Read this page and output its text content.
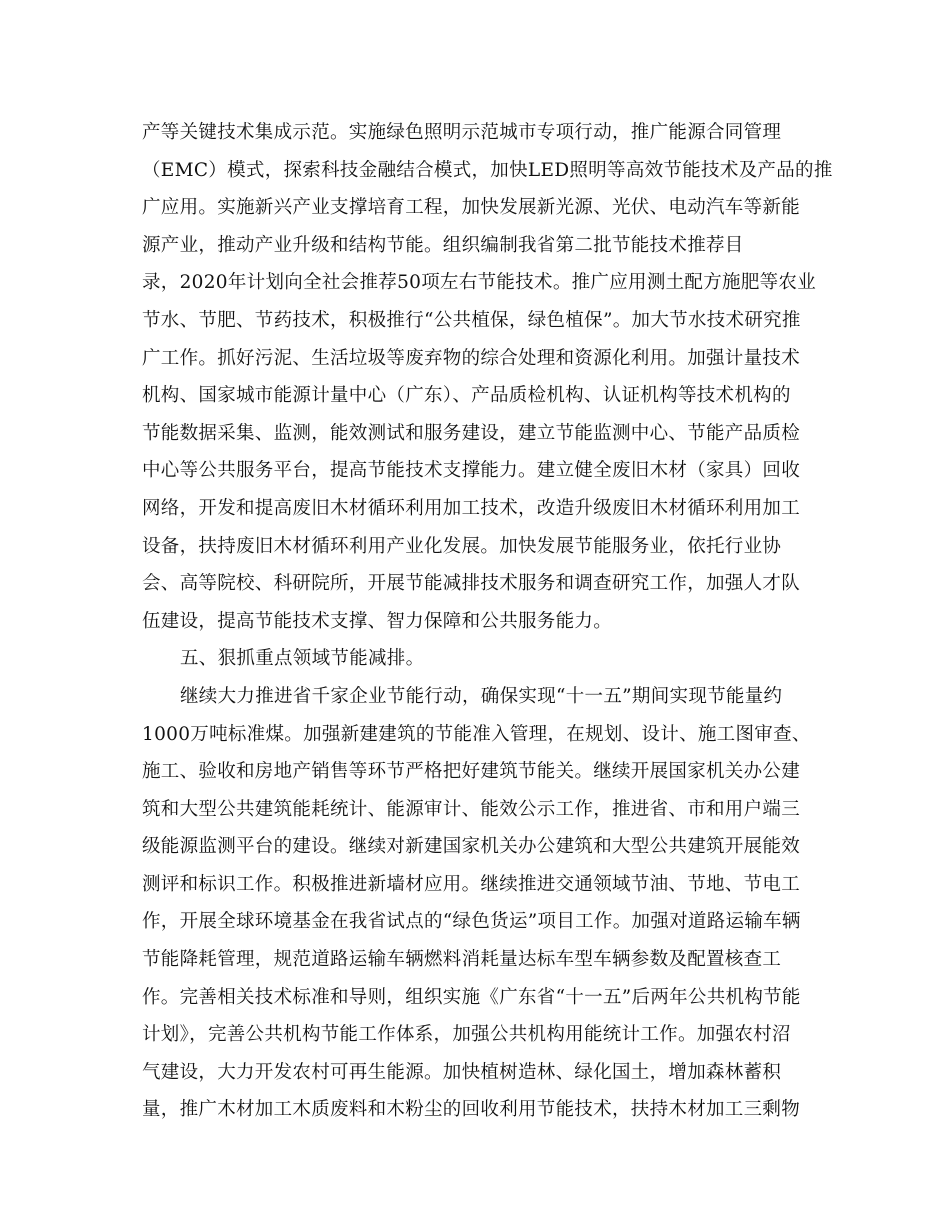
产等关键技术集成示范。实施绿色照明示范城市专项行动，推广能源合同管理
（EMC）模式，探索科技金融结合模式，加快LED照明等高效节能技术及产品的推
广应用。实施新兴产业支撑培育工程，加快发展新光源、光伏、电动汽车等新能
源产业，推动产业升级和结构节能。组织编制我省第二批节能技术推荐目
录，2020年计划向全社会推荐50项左右节能技术。推广应用测土配方施肥等农业
节水、节肥、节药技术，积极推行“公共植保，绿色植保”。加大节水技术研究推
广工作。抓好污泥、生活垃圾等废弃物的综合处理和资源化利用。加强计量技术
机构、国家城市能源计量中心（广东）、产品质检机构、认证机构等技术机构的
节能数据采集、监测，能效测试和服务建设，建立节能监测中心、节能产品质检
中心等公共服务平台，提高节能技术支撑能力。建立健全废旧木材（家具）回收
网络，开发和提高废旧木材循环利用加工技术，改造升级废旧木材循环利用加工
设备，扶持废旧木材循环利用产业化发展。加快发展节能服务业，依托行业协
会、高等院校、科研院所，开展节能减排技术服务和调查研究工作，加强人才队
伍建设，提高节能技术支撑、智力保障和公共服务能力。
五、狠抓重点领域节能减排。
继续大力推进省千家企业节能行动，确保实现“十一五”期间实现节能量约
1000万吨标准煤。加强新建建筑的节能准入管理，在规划、设计、施工图审查、
施工、验收和房地产销售等环节严格把好建筑节能关。继续开展国家机关办公建
筑和大型公共建筑能耗统计、能源审计、能效公示工作，推进省、市和用户端三
级能源监测平台的建设。继续对新建国家机关办公建筑和大型公共建筑开展能效
测评和标识工作。积极推进新墙材应用。继续推进交通领域节油、节地、节电工
作，开展全球环境基金在我省试点的“绿色货运”项目工作。加强对道路运输车辆
节能降耗管理，规范道路运输车辆燃料消耗量达标车型车辆参数及配置核查工
作。完善相关技术标准和导则，组织实施《广东省“十一五”后两年公共机构节能
计划》，完善公共机构节能工作体系，加强公共机构用能统计工作。加强农村沼
气建设，大力开发农村可再生能源。加快植树造林、绿化国土，增加森林蓄积
量，推广木材加工木质废料和木粉尘的回收利用节能技术，扶持木材加工三剩物
